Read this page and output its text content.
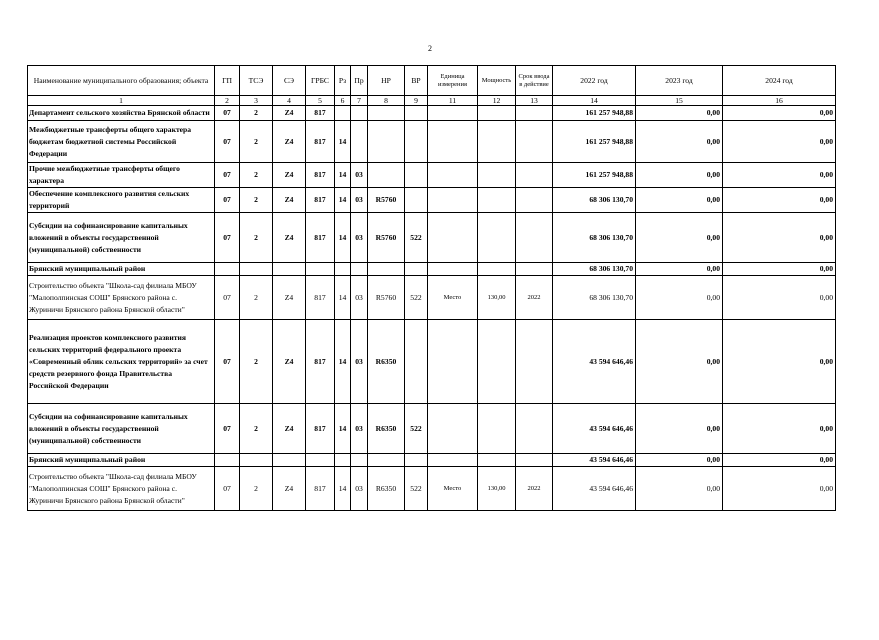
2
Наименование муниципального образования; объекта	ГП	ТСЭ	СЭ	ГРБС	Рз	Пр	НР	ВР	Единица измерения	Мощность	Срок ввода в действие	2022 год	2023 год	2024 год
1	2	3	4	5	6	7	8	9	11	12	13	14	15	16
Департамент сельского хозяйства Брянской области	07	2	Z4	817								161 257 948,88	0,00	0,00
Межбюджетные трансферты общего характера бюджетам бюджетной системы Российской Федерации	07	2	Z4	817	14							161 257 948,88	0,00	0,00
Прочие межбюджетные трансферты общего характера	07	2	Z4	817	14	03						161 257 948,88	0,00	0,00
Обеспечение комплексного развития сельских территорий	07	2	Z4	817	14	03	R5760					68 306 130,70	0,00	0,00
Субсидии на софинансирование капитальных вложений в объекты государственной (муниципальной) собственности	07	2	Z4	817	14	03	R5760	522				68 306 130,70	0,00	0,00
Брянский муниципальный район												68 306 130,70	0,00	0,00
Строительство объекта "Школа-сад филиала МБОУ "Малополпинская СОШ" Брянского района с. Журиничи Брянского района Брянской области"	07	2	Z4	817	14	03	R5760	522	Место	130,00	2022	68 306 130,70	0,00	0,00
Реализация проектов комплексного развития сельских территорий федерального проекта «Современный облик сельских территорий» за счет средств резервного фонда Правительства Российской Федерации	07	2	Z4	817	14	03	R6350					43 594 646,46	0,00	0,00
Субсидии на софинансирование капитальных вложений в объекты государственной (муниципальной) собственности	07	2	Z4	817	14	03	R6350	522				43 594 646,46	0,00	0,00
Брянский муниципальный район												43 594 646,46	0,00	0,00
Строительство объекта "Школа-сад филиала МБОУ "Малополпинская СОШ" Брянского района с. Журиничи Брянского района Брянской области"	07	2	Z4	817	14	03	R6350	522	Место	130,00	2022	43 594 646,46	0,00	0,00
